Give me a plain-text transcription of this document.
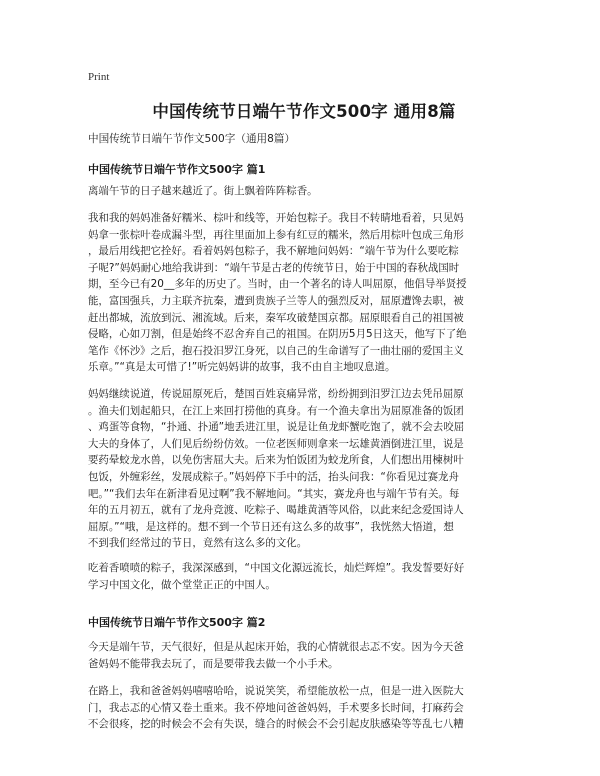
Print
中国传统节日端午节作文500字 通用8篇
中国传统节日端午节作文500字（通用8篇）
中国传统节日端午节作文500字 篇1
离端午节的日子越来越近了。街上飘着阵阵粽香。
我和我的妈妈准备好糯米、棕叶和线等，开始包粽子。我目不转睛地看着，只见妈
妈拿一张棕叶卷成漏斗型，再往里面加上参有红豆的糯米，然后用棕叶包成三角形
，最后用线把它拴好。看着妈妈包粽子，我不解地问妈妈：“端午节为什么要吃粽
子呢?”妈妈耐心地给我讲到：“端午节是古老的传统节日，始于中国的春秋战国时
期，至今已有20__多年的历史了。当时，由一个著名的诗人叫屈原，他倡导举贤授
能，富国强兵，力主联齐抗秦，遭到贵族子兰等人的强烈反对，屈原遭馋去职，被
赶出都城，流放到沅、湘流域。后来，秦军攻破楚国京都。屈原眼看自己的祖国被
侵略，心如刀割，但是始终不忍舍弃自己的祖国。在阴历5月5日这天，他写下了绝
笔作《怀沙》之后，抱石投汨罗江身死，以自己的生命谱写了一曲壮丽的爱国主义
乐章。”“真是太可惜了!”听完妈妈讲的故事，我不由自主地叹息道。
妈妈继续说道，传说屈原死后，楚国百姓哀痛异常，纷纷拥到汨罗江边去凭吊屈原
。渔夫们划起船只，在江上来回打捞他的真身。有一个渔夫拿出为屈原准备的饭团
、鸡蛋等食物，“扑通、扑通”地丢进江里，说是让鱼龙虾蟹吃饱了，就不会去咬屈
大夫的身体了，人们见后纷纷仿效。一位老医师则拿来一坛雄黄酒倒进江里，说是
要药晕蛟龙水兽，以免伤害屈大夫。后来为怕饭团为蛟龙所食，人们想出用楝树叶
包饭，外缠彩丝，发展成粽子。”妈妈停下手中的活，抬头问我：“你看见过赛龙舟
吧。”“我们去年在新津看见过啊”我不解地问。“其实，赛龙舟也与端午节有关。每
年的五月初五，就有了龙舟竞渡、吃粽子、喝雄黄酒等风俗，以此来纪念爱国诗人
屈原。”“哦，是这样的。想不到一个节日还有这么多的故事”，我恍然大悟道，想
不到我们经常过的节日，竟然有这么多的文化。
吃着香喷喷的粽子，我深深感到，“中国文化源远流长，灿烂辉煌”。我发誓要好好
学习中国文化，做个堂堂正正的中国人。
中国传统节日端午节作文500字 篇2
今天是端午节，天气很好，但是从起床开始，我的心情就很忐忑不安。因为今天爸
爸妈妈不能带我去玩了，而是要带我去做一个小手术。
在路上，我和爸爸妈妈嘻嘻哈哈，说说笑笑，希望能放松一点，但是一进入医院大
门，我忐忑的心情又卷土重来。我不停地问爸爸妈妈，手术要多长时间，打麻药会
不会很疼，挖的时候会不会有失误，缝合的时候会不会引起皮肤感染等等乱七八糟
